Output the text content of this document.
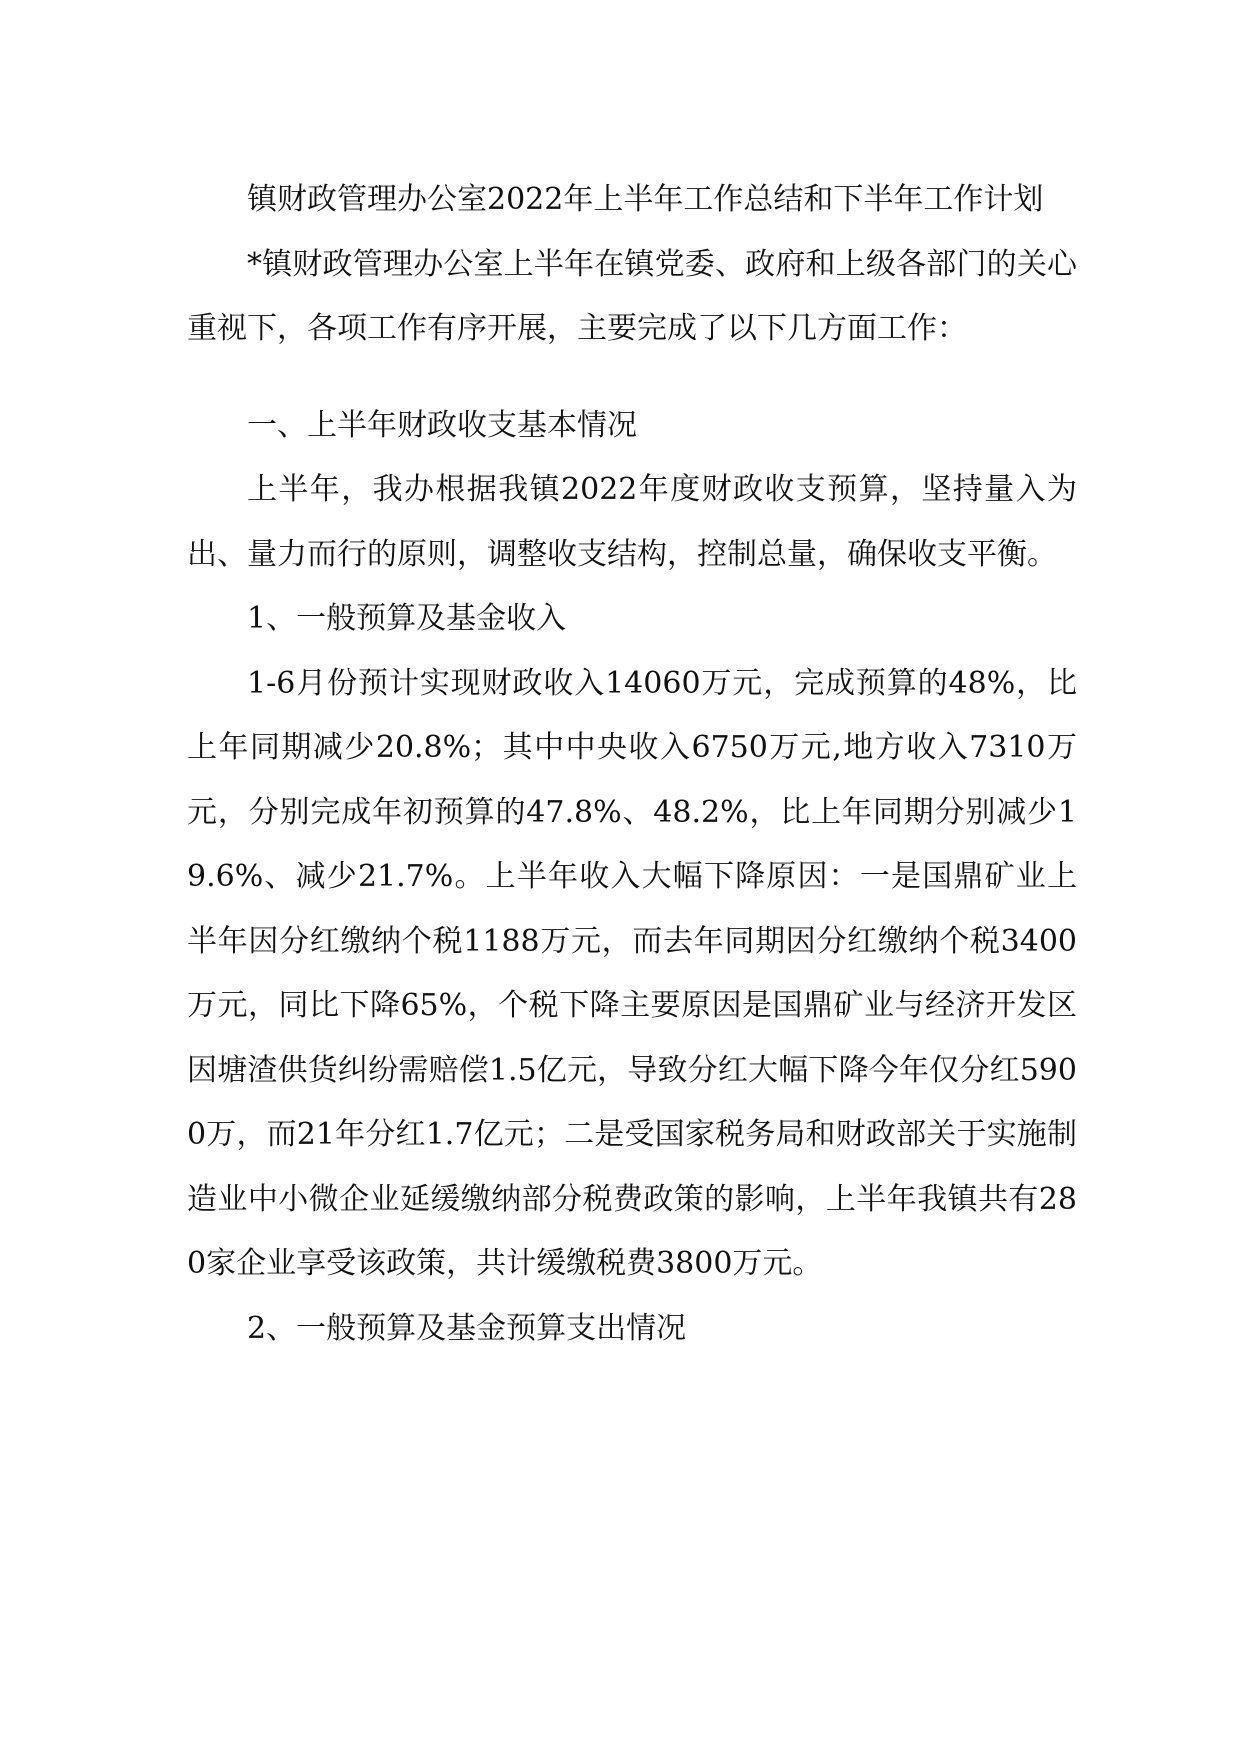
镇财政管理办公室2022年上半年工作总结和下半年工作计划

*镇财政管理办公室上半年在镇党委、政府和上级各部门的关心重视下，各项工作有序开展，主要完成了以下几方面工作：

一、上半年财政收支基本情况

上半年，我办根据我镇2022年度财政收支预算，坚持量入为出、量力而行的原则，调整收支结构，控制总量，确保收支平衡。

1、一般预算及基金收入

1-6月份预计实现财政收入14060万元，完成预算的48%，比上年同期减少20.8%；其中中央收入6750万元,地方收入7310万元，分别完成年初预算的47.8%、48.2%，比上年同期分别减少19.6%、减少21.7%。上半年收入大幅下降原因：一是国鼎矿业上半年因分红缴纳个税1188万元，而去年同期因分红缴纳个税3400万元，同比下降65%，个税下降主要原因是国鼎矿业与经济开发区因塘渣供货纠纷需赔偿1.5亿元，导致分红大幅下降今年仅分红5900万，而21年分红1.7亿元；二是受国家税务局和财政部关于实施制造业中小微企业延缓缴纳部分税费政策的影响，上半年我镇共有280家企业享受该政策，共计缓缴税费3800万元。

2、一般预算及基金预算支出情况
